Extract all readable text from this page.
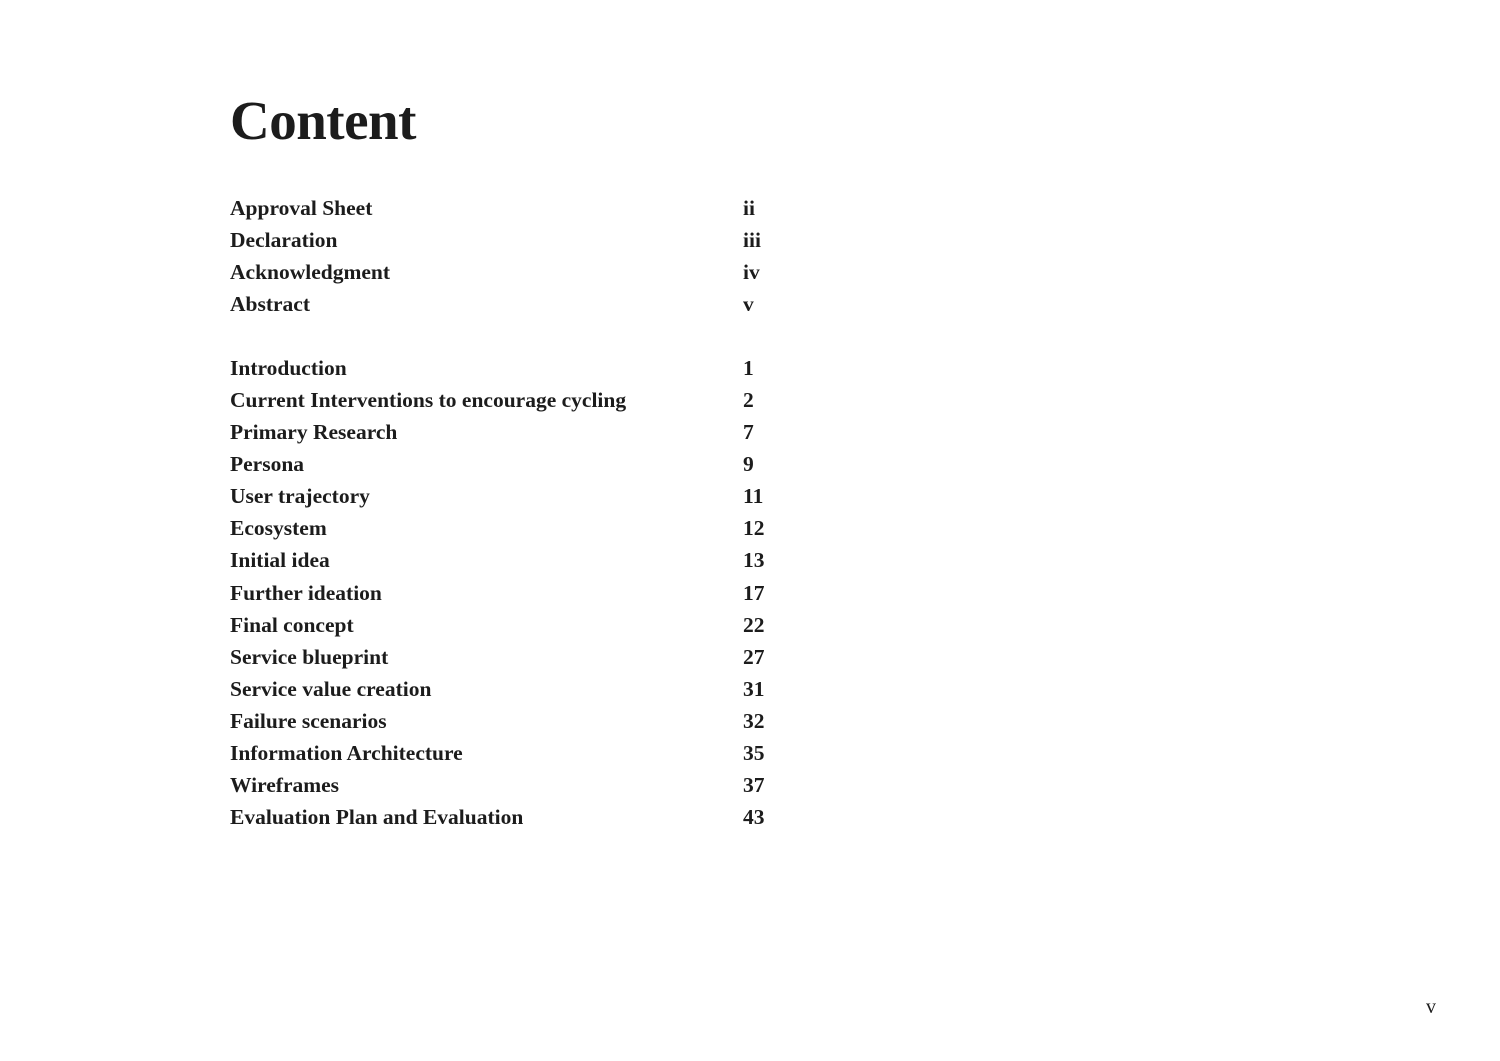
Content
Approval Sheet	ii
Declaration	iii
Acknowledgment	iv
Abstract	v
Introduction	1
Current Interventions to encourage cycling	2
Primary Research	7
Persona	9
User trajectory	11
Ecosystem	12
Initial idea	13
Further ideation	17
Final concept	22
Service blueprint	27
Service value creation	31
Failure scenarios	32
Information Architecture	35
Wireframes	37
Evaluation Plan and Evaluation	43
v
